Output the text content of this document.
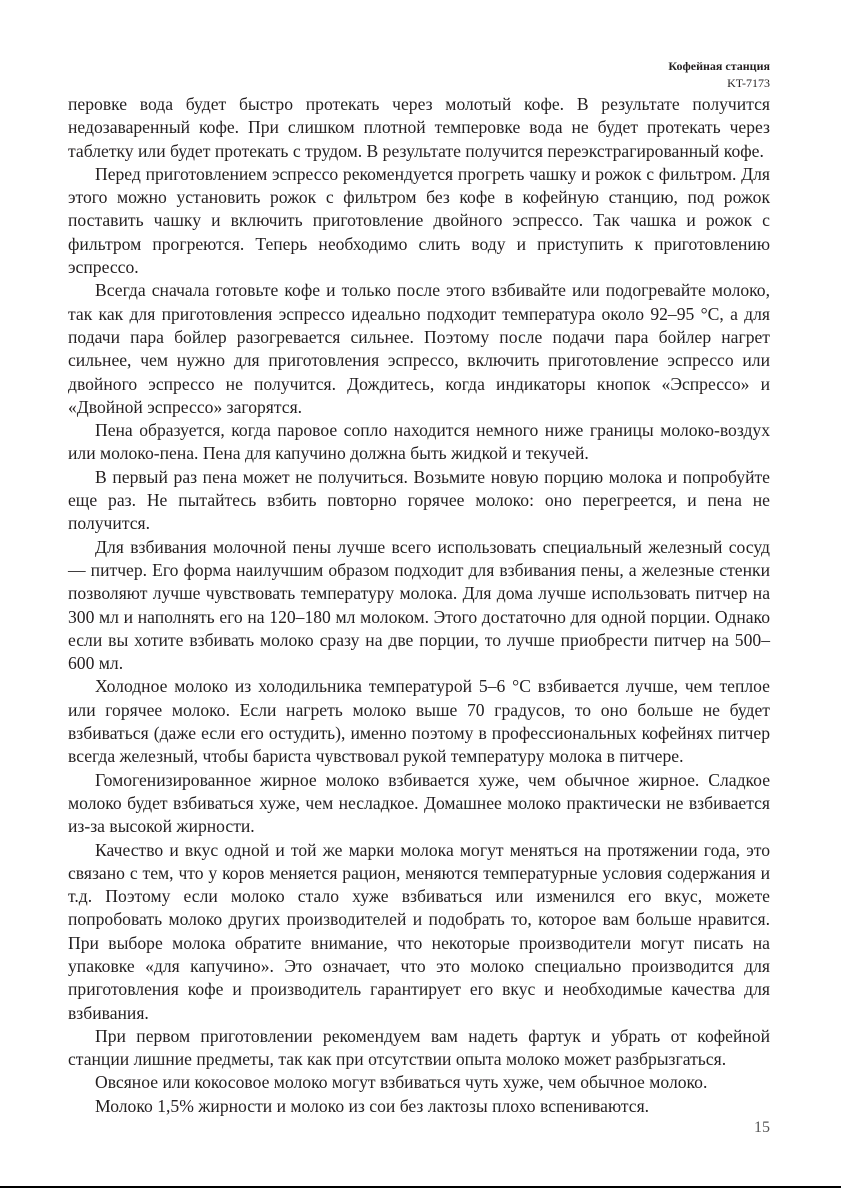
Кофейная станция
KT-7173

перовке вода будет быстро протекать через молотый кофе. В результате получится недозаваренный кофе. При слишком плотной темперовке вода не будет протекать через таблетку или будет протекать с трудом. В результате получится переэкстрагированный кофе.

Перед приготовлением эспрессо рекомендуется прогреть чашку и рожок с фильтром. Для этого можно установить рожок с фильтром без кофе в кофейную станцию, под рожок поставить чашку и включить приготовление двойного эспрессо. Так чашка и рожок с фильтром прогреются. Теперь необходимо слить воду и приступить к приготовлению эспрессо.

Всегда сначала готовьте кофе и только после этого взбивайте или подогревайте молоко, так как для приготовления эспрессо идеально подходит температура около 92–95 °С, а для подачи пара бойлер разогревается сильнее. Поэтому после подачи пара бойлер нагрет сильнее, чем нужно для приготовления эспрессо, включить приготовление эспрессо или двойного эспрессо не получится. Дождитесь, когда индикаторы кнопок «Эспрессо» и «Двойной эспрессо» загорятся.

Пена образуется, когда паровое сопло находится немного ниже границы молоко-воздух или молоко-пена. Пена для капучино должна быть жидкой и текучей.

В первый раз пена может не получиться. Возьмите новую порцию молока и попробуйте еще раз. Не пытайтесь взбить повторно горячее молоко: оно перегреется, и пена не получится.

Для взбивания молочной пены лучше всего использовать специальный железный сосуд — питчер. Его форма наилучшим образом подходит для взбивания пены, а железные стенки позволяют лучше чувствовать температуру молока. Для дома лучше использовать питчер на 300 мл и наполнять его на 120–180 мл молоком. Этого достаточно для одной порции. Однако если вы хотите взбивать молоко сразу на две порции, то лучше приобрести питчер на 500–600 мл.

Холодное молоко из холодильника температурой 5–6 °С взбивается лучше, чем теплое или горячее молоко. Если нагреть молоко выше 70 градусов, то оно больше не будет взбиваться (даже если его остудить), именно поэтому в профессиональных кофейнях питчер всегда железный, чтобы бариста чувствовал рукой температуру молока в питчере.

Гомогенизированное жирное молоко взбивается хуже, чем обычное жирное. Сладкое молоко будет взбиваться хуже, чем несладкое. Домашнее молоко практически не взбивается из-за высокой жирности.

Качество и вкус одной и той же марки молока могут меняться на протяжении года, это связано с тем, что у коров меняется рацион, меняются температурные условия содержания и т.д. Поэтому если молоко стало хуже взбиваться или изменился его вкус, можете попробовать молоко других производителей и подобрать то, которое вам больше нравится. При выборе молока обратите внимание, что некоторые производители могут писать на упаковке «для капучино». Это означает, что это молоко специально производится для приготовления кофе и производитель гарантирует его вкус и необходимые качества для взбивания.

При первом приготовлении рекомендуем вам надеть фартук и убрать от кофейной станции лишние предметы, так как при отсутствии опыта молоко может разбрызгаться.

Овсяное или кокосовое молоко могут взбиваться чуть хуже, чем обычное молоко.

Молоко 1,5% жирности и молоко из сои без лактозы плохо вспениваются.

15
